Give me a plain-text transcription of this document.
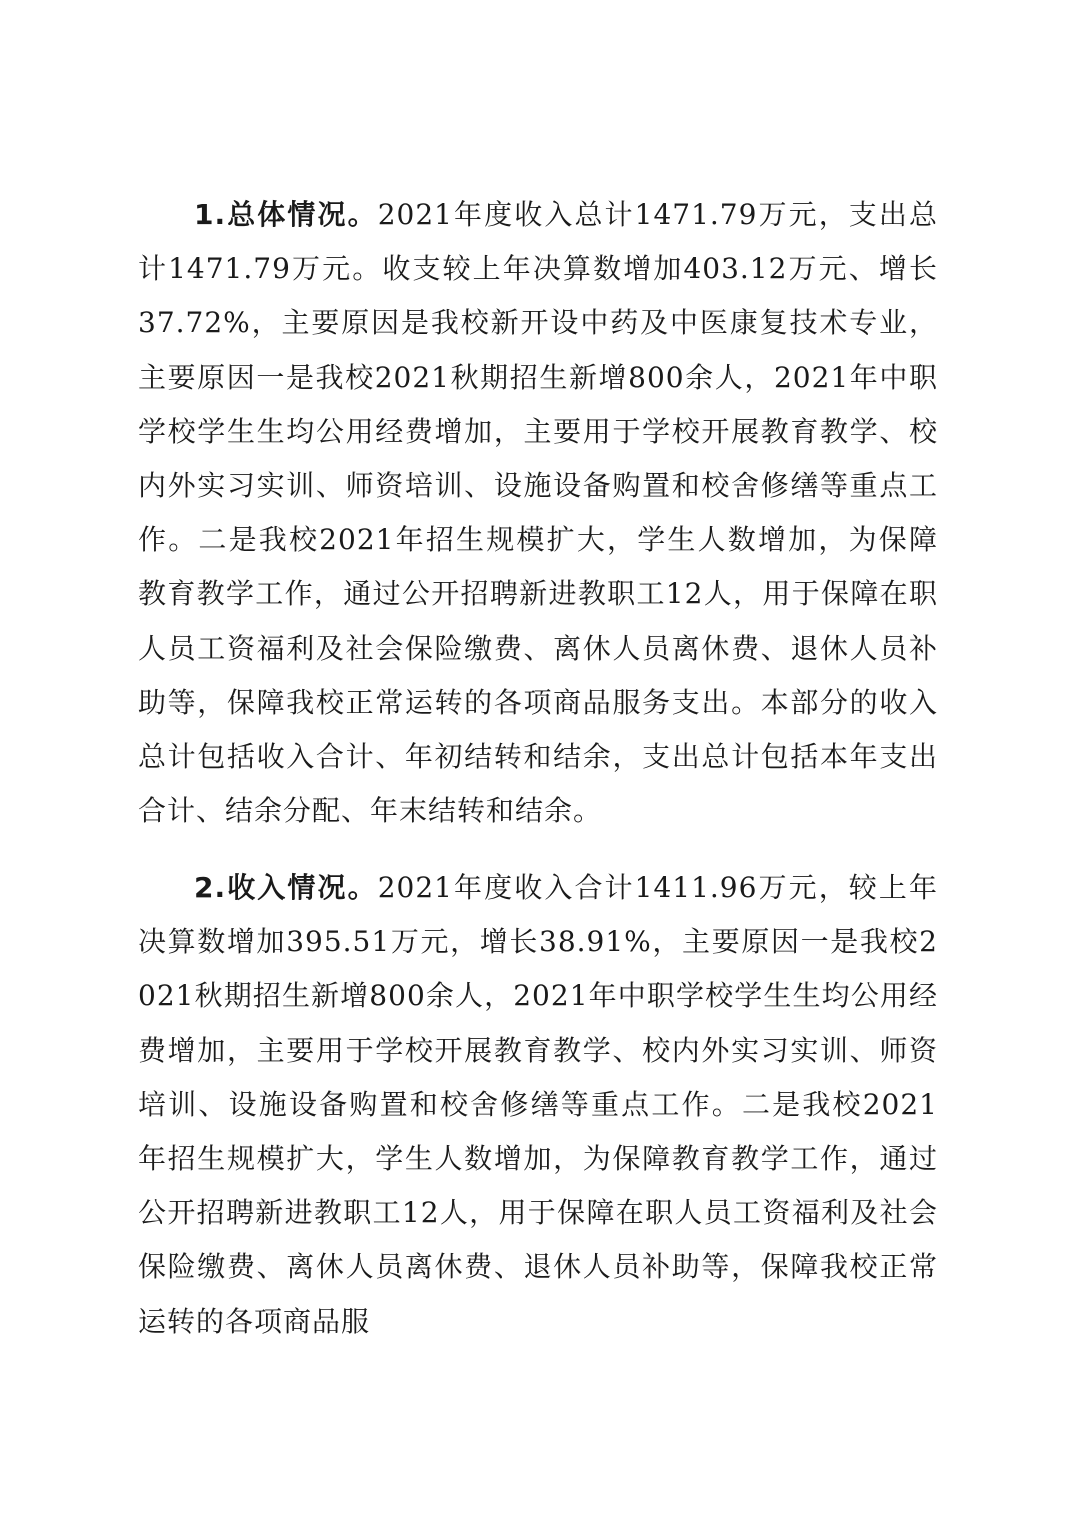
1.总体情况。2021年度收入总计1471.79万元，支出总计1471.79万元。收支较上年决算数增加403.12万元、增长 37.72%，主要原因是我校新开设中药及中医康复技术专业，主要原因一是我校2021秋期招生新增800余人，2021年中职学校学生生均公用经费增加，主要用于学校开展教育教学、校内外实习实训、师资培训、设施设备购置和校舍修缮等重点工作。二是我校2021年招生规模扩大，学生人数增加，为保障教育教学工作，通过公开招聘新进教职工12人，用于保障在职人员工资福利及社会保险缴费、离休人员离休费、退休人员补助等，保障我校正常运转的各项商品服务支出。本部分的收入总计包括收入合计、年初结转和结余，支出总计包括本年支出合计、结余分配、年末结转和结余。

2.收入情况。2021年度收入合计1411.96万元，较上年决算数增加395.51万元，增长38.91%，主要原因一是我校2021秋期招生新增800余人，2021年中职学校学生生均公用经费增加，主要用于学校开展教育教学、校内外实习实训、师资培训、设施设备购置和校舍修缮等重点工作。二是我校2021年招生规模扩大，学生人数增加，为保障教育教学工作，通过公开招聘新进教职工12人，用于保障在职人员工资福利及社会保险缴费、离休人员离休费、退休人员补助等，保障我校正常运转的各项商品服
